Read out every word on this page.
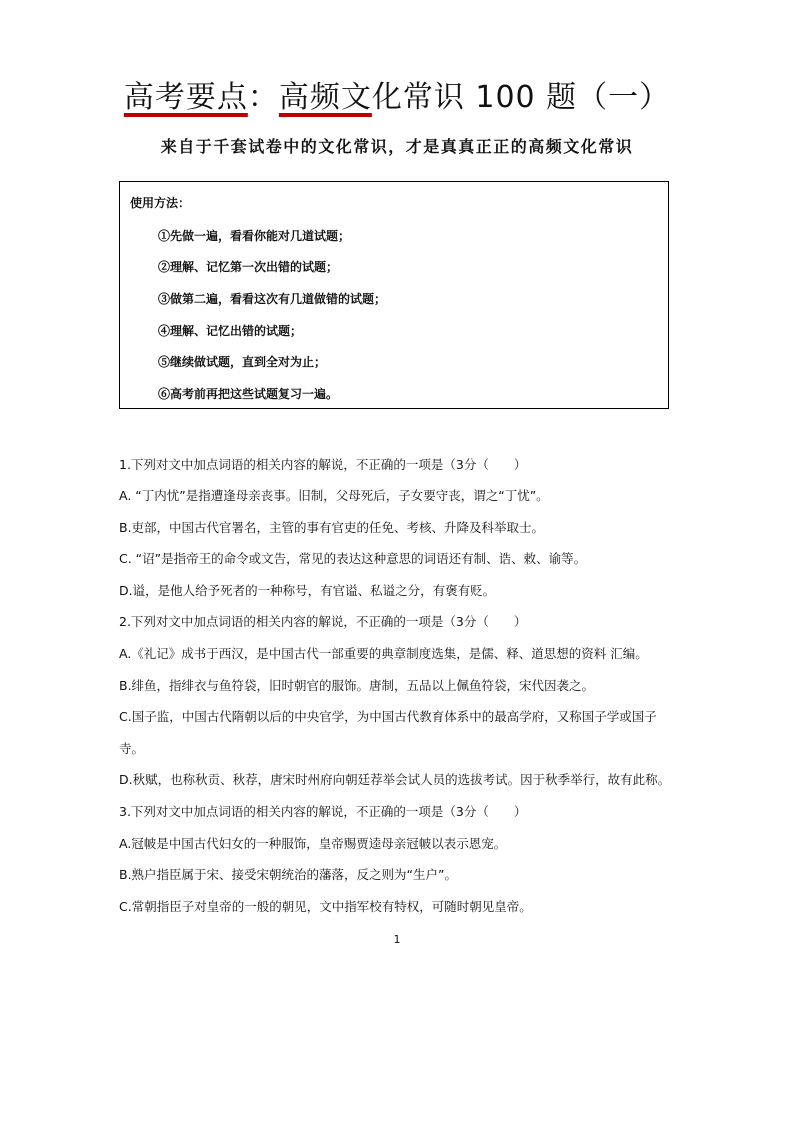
高考要点：高频文化常识 100 题（一）
来自于千套试卷中的文化常识，才是真真正正的高频文化常识
使用方法：
①先做一遍，看看你能对几道试题；
②理解、记忆第一次出错的试题；
③做第二遍，看看这次有几道做错的试题；
④理解、记忆出错的试题；
⑤继续做试题，直到全对为止；
⑥高考前再把这些试题复习一遍。
1.下列对文中加点词语的相关内容的解说，不正确的一项是（3分（　　）
A. “丁内忧”是指遭逢母亲丧事。旧制，父母死后，子女要守丧，谓之“丁忧”。
B.吏部，中国古代官署名，主管的事有官吏的任免、考核、升降及科举取士。
C. “诏”是指帝王的命令或文告，常见的表达这种意思的词语还有制、诰、敕、谕等。
D.谥，是他人给予死者的一种称号，有官谥、私谥之分，有褒有贬。
2.下列对文中加点词语的相关内容的解说，不正确的一项是（3分（　　）
A.《礼记》成书于西汉，是中国古代一部重要的典章制度选集，是儒、释、道思想的资料 汇编。
B.绯鱼，指绯衣与鱼符袋，旧时朝官的服饰。唐制，五品以上佩鱼符袋，宋代因袭之。
C.国子监，中国古代隋朝以后的中央官学，为中国古代教育体系中的最高学府，又称国子学或国子
寺。
D.秋赋，也称秋贡、秋荐，唐宋时州府向朝廷荐举会试人员的选拔考试。因于秋季举行，故有此称。
3.下列对文中加点词语的相关内容的解说，不正确的一项是（3分（　　）
A.冠帔是中国古代妇女的一种服饰，皇帝赐贾逵母亲冠帔以表示恩宠。
B.熟户指臣属于宋、接受宋朝统治的藩落，反之则为“生户”。
C.常朝指臣子对皇帝的一般的朝见，文中指军校有特权，可随时朝见皇帝。
1
